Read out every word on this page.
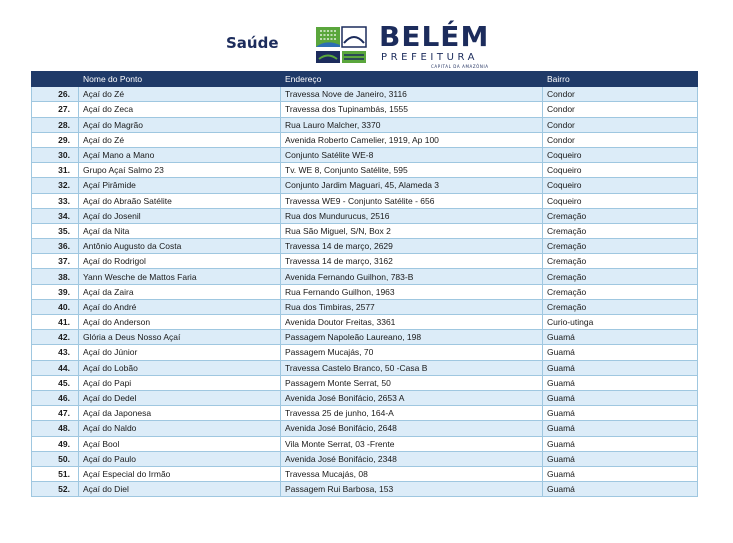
Saúde	BELÉM
PREFEITURA
CAPITAL DA AMAZÔNIA
	Nome do Ponto	Endereço	Bairro
26.	Açaí do Zé	Travessa Nove de Janeiro, 3116	Condor
27.	Açaí do Zeca	Travessa dos Tupinambás, 1555	Condor
28.	Açaí do Magrão	Rua Lauro Malcher, 3370	Condor
29.	Açaí do Zé	Avenida Roberto Camelier, 1919, Ap 100	Condor
30.	Açaí Mano a Mano	Conjunto Satélite WE-8	Coqueiro
31.	Grupo Açaí Salmo 23	Tv. WE 8, Conjunto Satélite, 595	Coqueiro
32.	Açaí Pirâmide	Conjunto Jardim Maguari, 45, Alameda 3	Coqueiro
33.	Açaí do Abraão Satélite	Travessa WE9 - Conjunto Satélite - 656	Coqueiro
34.	Açaí do Josenil	Rua dos Mundurucus, 2516	Cremação
35.	Açaí da Nita	Rua São Miguel, S/N, Box 2	Cremação
36.	Antônio Augusto da Costa	Travessa 14 de março, 2629	Cremação
37.	Açaí do Rodrigol	Travessa 14 de março, 3162	Cremação
38.	Yann Wesche de Mattos Faria	Avenida Fernando Guilhon, 783-B	Cremação
39.	Açaí da Zaira	Rua Fernando Guilhon, 1963	Cremação
40.	Açaí do André	Rua dos Timbiras, 2577	Cremação
41.	Açaí do Anderson	Avenida Doutor Freitas, 3361	Curio-utinga
42.	Glória a Deus Nosso Açaí	Passagem Napoleão Laureano, 198	Guamá
43.	Açaí do Júnior	Passagem Mucajás, 70	Guamá
44.	Açaí do Lobão	Travessa Castelo Branco, 50 -Casa B	Guamá
45.	Açaí do Papi	Passagem Monte Serrat, 50	Guamá
46.	Açaí do Dedel	Avenida José Bonifácio, 2653 A	Guamá
47.	Açaí da Japonesa	Travessa 25 de junho, 164-A	Guamá
48.	Açaí do Naldo	Avenida José Bonifácio, 2648	Guamá
49.	Açaí Bool	Vila Monte Serrat, 03 -Frente	Guamá
50.	Açaí do Paulo	Avenida José Bonifácio, 2348	Guamá
51.	Açaí Especial do Irmão	Travessa Mucajás, 08	Guamá
52.	Açaí do Diel	Passagem Rui Barbosa, 153	Guamá
